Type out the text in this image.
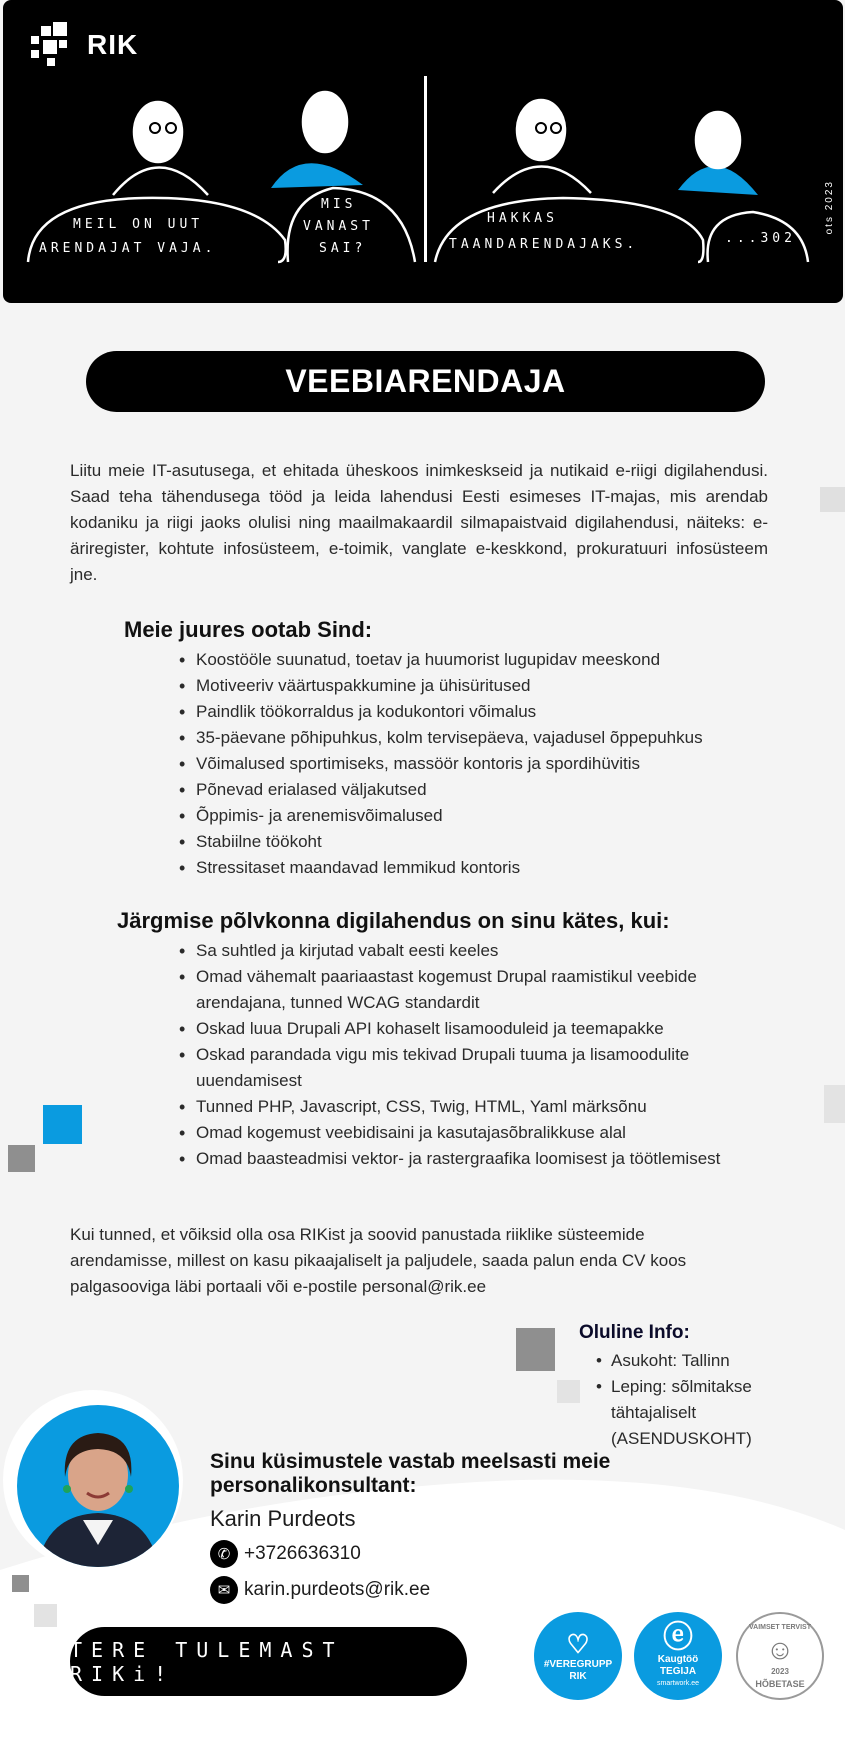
RIK
MEIL ON UUT
ARENDAJAT VAJA.
MIS
VANAST
SAI?
HAKKAS
TAANDARENDAJAKS.	...302
ots 2023
VEEBIARENDAJA

Liitu meie IT-asutusega, et ehitada üheskoos inimkeskseid ja nutikaid e-riigi digilahendusi. Saad teha tähendusega tööd ja leida lahendusi Eesti esimeses IT-majas, mis arendab kodaniku ja riigi jaoks olulisi ning maailmakaardil silmapaistvaid digilahendusi, näiteks: e-äriregister, kohtute infosüsteem, e-toimik, vanglate e-keskkond, prokuratuuri infosüsteem jne.

Meie juures ootab Sind:
• Koostööle suunatud, toetav ja huumorist lugupidav meeskond
• Motiveeriv väärtuspakkumine ja ühisüritused
• Paindlik töökorraldus ja kodukontori võimalus
• 35-päevane põhipuhkus, kolm tervisepäeva, vajadusel õppepuhkus
• Võimalused sportimiseks, massöör kontoris ja spordihüvitis
• Põnevad erialased väljakutsed
• Õppimis- ja arenemisvõimalused
• Stabiilne töökoht
• Stressitaset maandavad lemmikud kontoris
Järgmise põlvkonna digilahendus on sinu kätes, kui:
• Sa suhtled ja kirjutad vabalt eesti keeles
• Omad vähemalt paariaastast kogemust Drupal raamistikul veebide arendajana, tunned WCAG standardit
• Oskad luua Drupali API kohaselt lisamooduleid ja teemapakke
• Oskad parandada vigu mis tekivad Drupali tuuma ja lisamoodulite uuendamisest
• Tunned PHP, Javascript, CSS, Twig, HTML, Yaml märksõnu
• Omad kogemust veebidisaini ja kasutajasõbralikkuse alal
• Omad baasteadmisi vektor- ja rastergraafika loomisest ja töötlemisest

Kui tunned, et võiksid olla osa RIKist ja soovid panustada riiklike süsteemide arendamisse, millest on kasu pikaajaliselt ja paljudele, saada palun enda CV koos palgasooviga läbi portaali või e-postile personal@rik.ee

Oluline Info:
• Asukoht: Tallinn
• Leping: sõlmitakse tähtajaliselt (ASENDUSKOHT)
Sinu küsimustele vastab meelsasti meie personalikonsultant:
Karin Purdeots
✆ +3726636310
✉ karin.purdeots@rik.ee
TERE TULEMAST RIKi!
♡
#VEREGRUPP
RIK
ⓔ
Kaugtöö
TEGIJA
smartwork.ee
VAIMSET TERVIST
☺
2023
HÕBETASE
